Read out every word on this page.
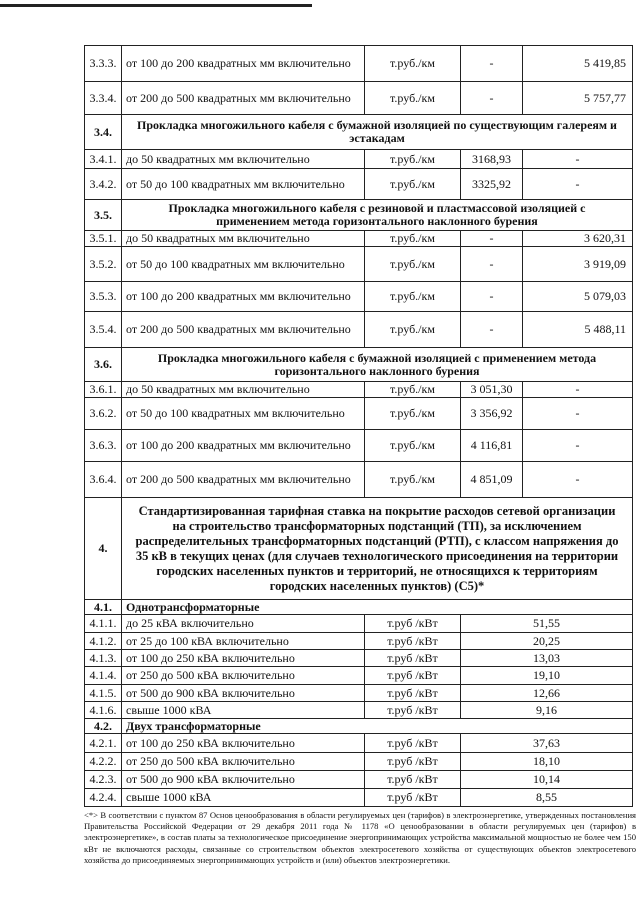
3.3.3.	от 100 до 200 квадратных мм включительно	т.руб./км	-	5 419,85
3.3.4.	от 200 до 500 квадратных мм включительно	т.руб./км	-	5 757,77
3.4.	Прокладка многожильного кабеля с бумажной изоляцией по существующим галереям и эстакадам			
3.4.1.	до 50 квадратных мм включительно	т.руб./км	3168,93	-
3.4.2.	от 50 до 100 квадратных мм включительно	т.руб./км	3325,92	-
3.5.	Прокладка многожильного кабеля с резиновой и пластмассовой изоляцией с применением метода горизонтального наклонного бурения			
3.5.1.	до 50 квадратных мм включительно	т.руб./км	-	3 620,31
3.5.2.	от 50 до 100 квадратных мм включительно	т.руб./км	-	3 919,09
3.5.3.	от 100 до 200 квадратных мм включительно	т.руб./км	-	5 079,03
3.5.4.	от 200 до 500 квадратных мм включительно	т.руб./км	-	5 488,11
3.6.	Прокладка многожильного кабеля с бумажной изоляцией с применением метода горизонтального наклонного бурения			
3.6.1.	до 50 квадратных мм включительно	т.руб./км	3 051,30	-
3.6.2.	от 50 до 100 квадратных мм включительно	т.руб./км	3 356,92	-
3.6.3.	от 100 до 200 квадратных мм включительно	т.руб./км	4 116,81	-
3.6.4.	от 200 до 500 квадратных мм включительно	т.руб./км	4 851,09	-
4.	Стандартизированная тарифная ставка на покрытие расходов сетевой организации на строительство трансформаторных подстанций (ТП), за исключением распределительных трансформаторных подстанций (РТП), с классом напряжения до 35 кВ в текущих ценах (для случаев технологического присоединения на территории городских населенных пунктов и территорий, не относящихся к территориям городских населенных пунктов) (С5)*			
4.1.	Однотрансформаторные			
4.1.1.	до 25 кВА включительно	т.руб /кВт	51,55	
4.1.2.	от 25 до 100 кВА включительно	т.руб /кВт	20,25	
4.1.3.	от 100 до 250 кВА включительно	т.руб /кВт	13,03	
4.1.4.	от 250 до 500 кВА включительно	т.руб /кВт	19,10	
4.1.5.	от 500 до 900 кВА включительно	т.руб /кВт	12,66	
4.1.6.	свыше 1000 кВА	т.руб /кВт	9,16	
4.2.	Двух трансформаторные			
4.2.1.	от 100 до 250 кВА включительно	т.руб /кВт	37,63	
4.2.2.	от 250 до 500 кВА включительно	т.руб /кВт	18,10	
4.2.3.	от 500 до 900 кВА включительно	т.руб /кВт	10,14	
4.2.4.	свыше 1000 кВА	т.руб /кВт	8,55	
<*> В соответствии с пунктом 87 Основ ценообразования в области регулируемых цен (тарифов) в электроэнергетике, утвержденных постановления Правительства Российской Федерации от 29 декабря 2011 года № 1178 «О ценообразовании в области регулируемых цен (тарифов) в электроэнергетике», в состав платы за технологическое присоединение энергопринимающих устройства максимальной мощностью не более чем 150 кВт не включаются расходы, связанные со строительством объектов электросетевого хозяйства от существующих объектов электросетевого хозяйства до присоединяемых энергопринимающих устройств и (или) объектов электроэнергетики.
